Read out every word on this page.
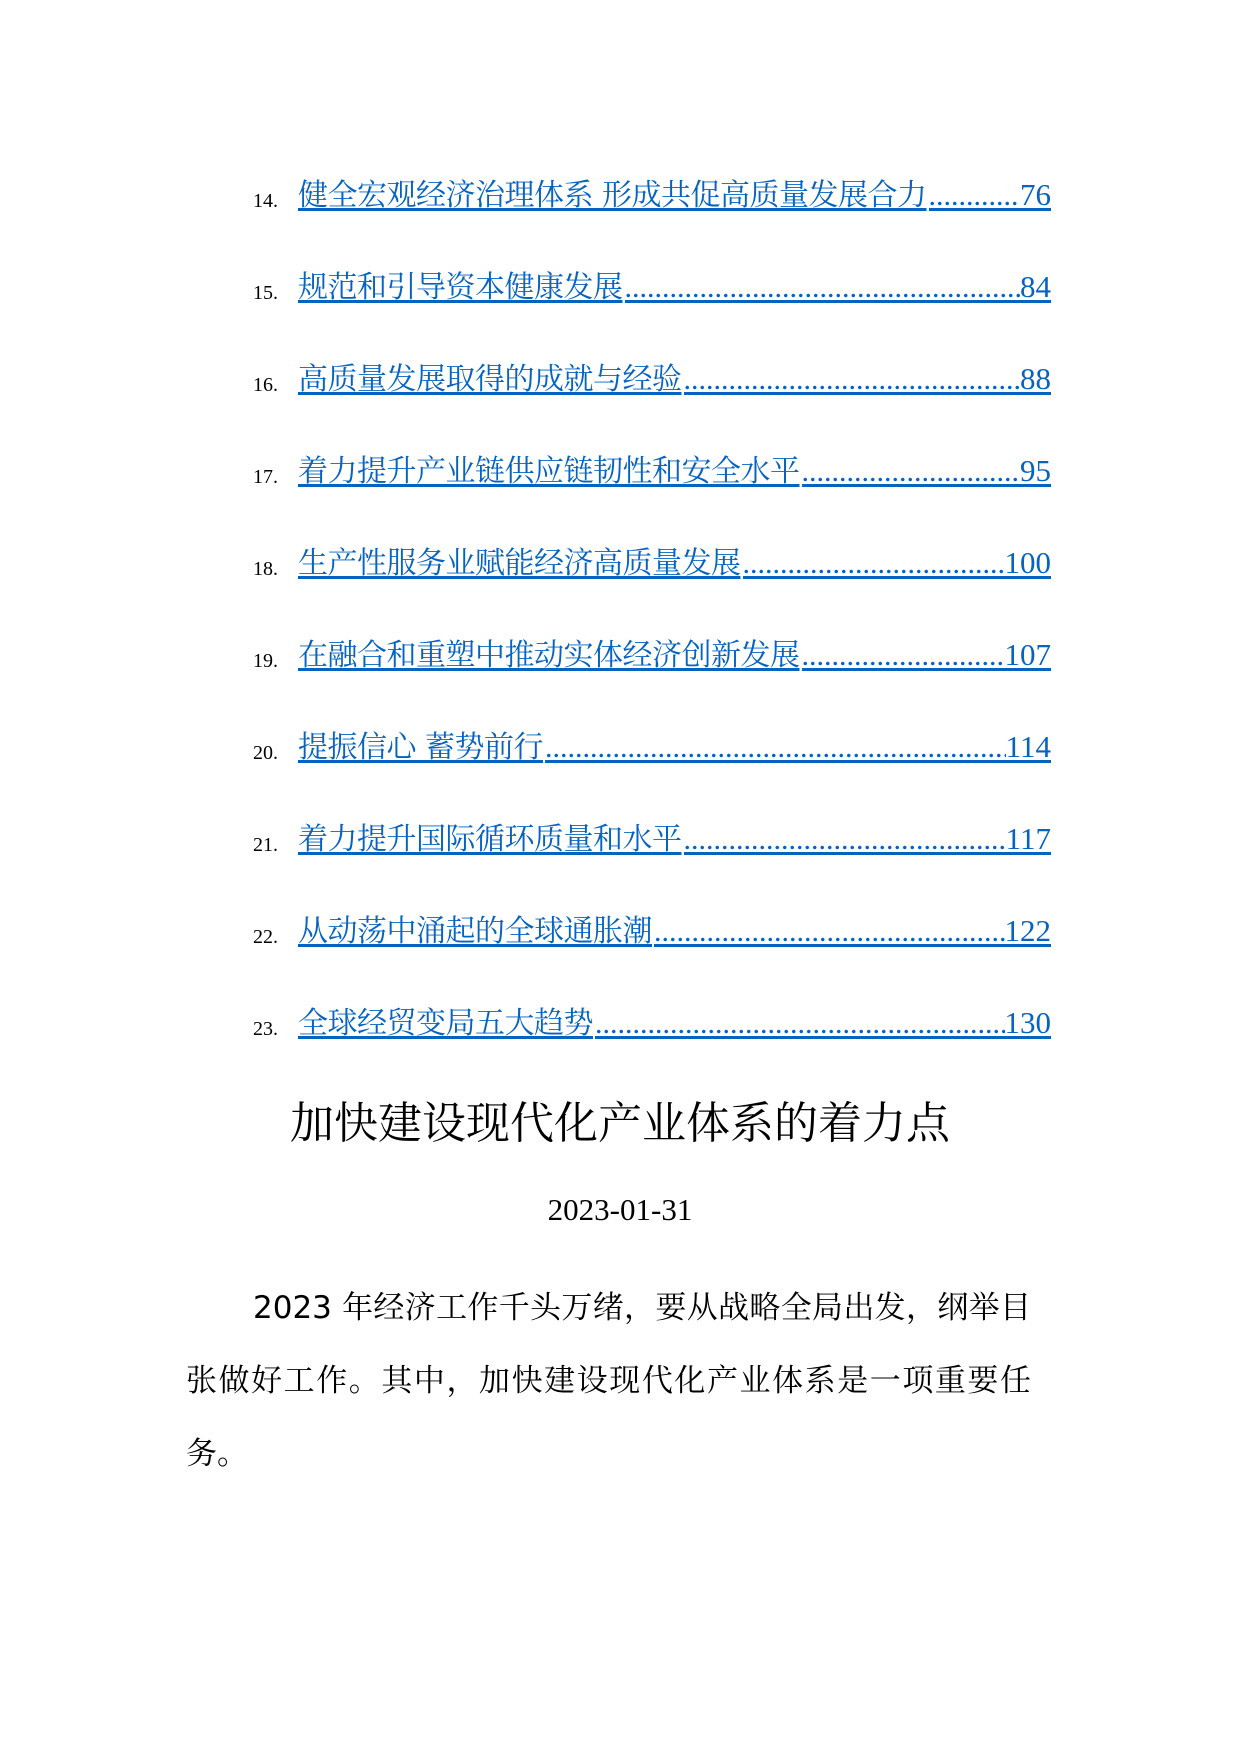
14. 健全宏观经济治理体系 形成共促高质量发展合力 .....	76
15. 规范和引导资本健康发展 .....	84
16. 高质量发展取得的成就与经验 .....	88
17. 着力提升产业链供应链韧性和安全水平 .....	95
18. 生产性服务业赋能经济高质量发展 .....	100
19. 在融合和重塑中推动实体经济创新发展 .....	107
20. 提振信心 蓄势前行 .....	114
21. 着力提升国际循环质量和水平 .....	117
22. 从动荡中涌起的全球通胀潮 .....	122
23. 全球经贸变局五大趋势 .....	130
加快建设现代化产业体系的着力点
2023-01-31

2023 年经济工作千头万绪，要从战略全局出发，纲举目张做好工作。其中，加快建设现代化产业体系是一项重要任务。
